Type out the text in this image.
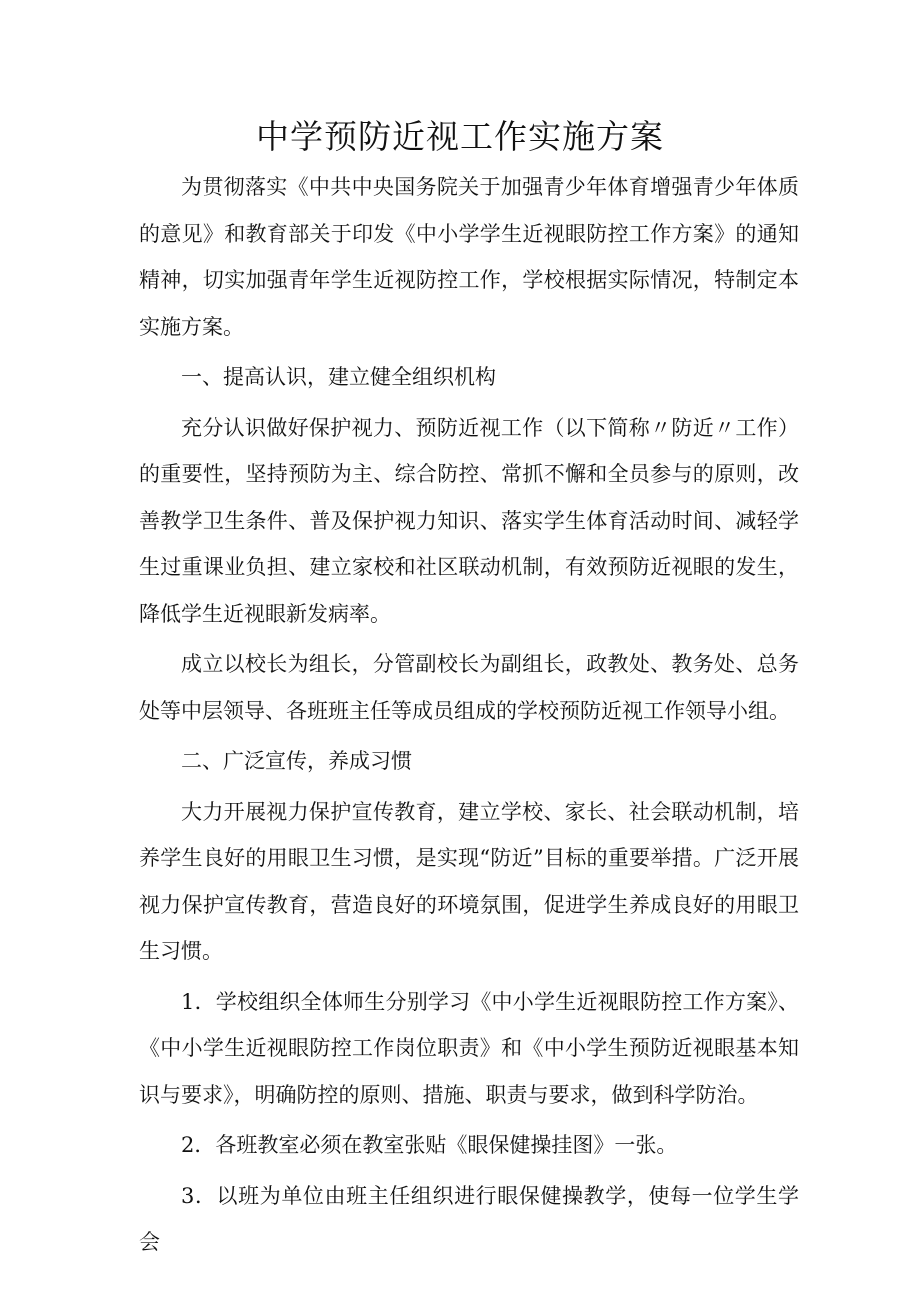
中学预防近视工作实施方案

为贯彻落实《中共中央国务院关于加强青少年体育增强青少年体质的意见》和教育部关于印发《中小学学生近视眼防控工作方案》的通知精神，切实加强青年学生近视防控工作，学校根据实际情况，特制定本实施方案。

一、提高认识，建立健全组织机构

充分认识做好保护视力、预防近视工作（以下简称〃防近〃工作）的重要性，坚持预防为主、综合防控、常抓不懈和全员参与的原则，改善教学卫生条件、普及保护视力知识、落实学生体育活动时间、减轻学生过重课业负担、建立家校和社区联动机制，有效预防近视眼的发生，降低学生近视眼新发病率。

成立以校长为组长，分管副校长为副组长，政教处、教务处、总务处等中层领导、各班班主任等成员组成的学校预防近视工作领导小组。

二、广泛宣传，养成习惯

大力开展视力保护宣传教育，建立学校、家长、社会联动机制，培养学生良好的用眼卫生习惯，是实现“防近”目标的重要举措。广泛开展视力保护宣传教育，营造良好的环境氛围，促进学生养成良好的用眼卫生习惯。

1．学校组织全体师生分别学习《中小学生近视眼防控工作方案》、《中小学生近视眼防控工作岗位职责》和《中小学生预防近视眼基本知识与要求》，明确防控的原则、措施、职责与要求，做到科学防治。

2．各班教室必须在教室张贴《眼保健操挂图》一张。

3．以班为单位由班主任组织进行眼保健操教学，使每一位学生学会
